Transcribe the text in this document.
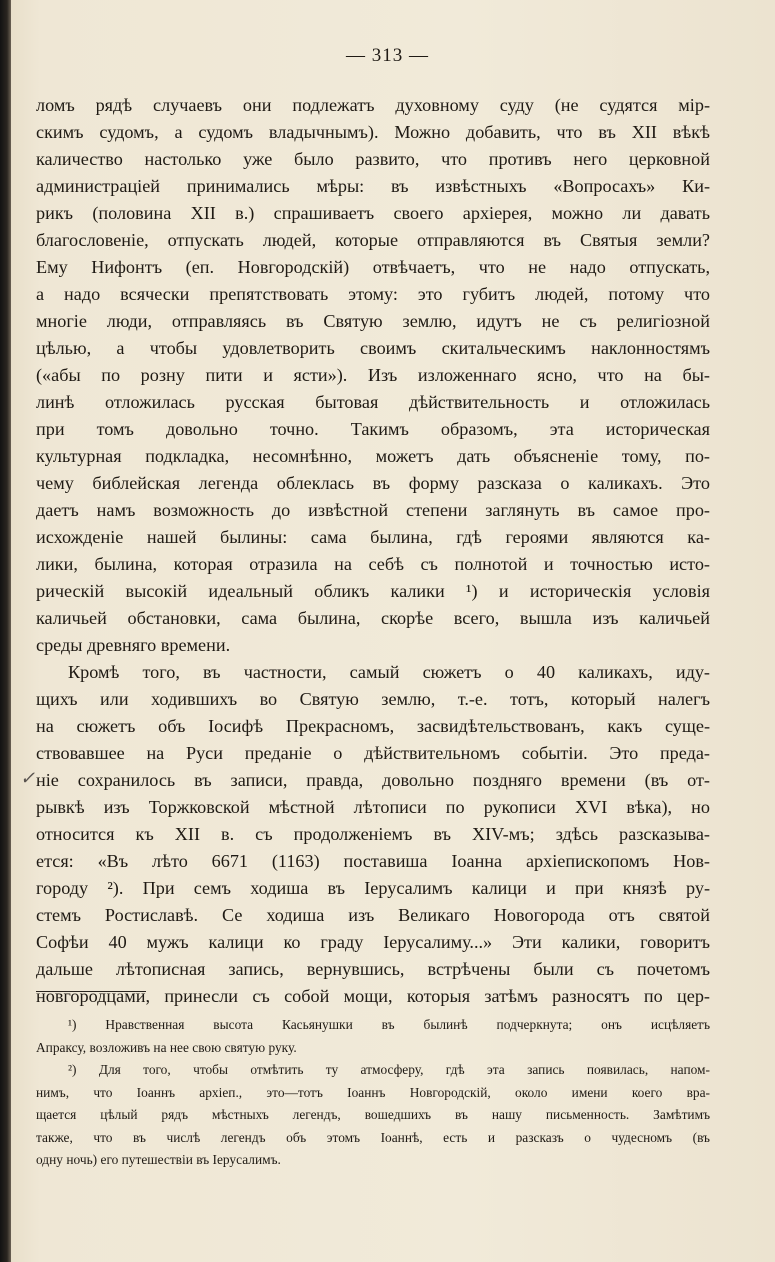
— 313 —
ломъ рядѣ случаевъ они подлежатъ духовному суду (не судятся мір-
скимъ судомъ, а судомъ владычнымъ). Можно добавить, что въ XII вѣкѣ
каличество настолько уже было развито, что противъ него церковной
администраціей принимались мѣры: въ извѣстныхъ «Вопросахъ» Ки-
рикъ (половина XII в.) спрашиваетъ своего архіерея, можно ли давать
благословеніе, отпускать людей, которые отправляются въ Святыя земли?
Ему Нифонтъ (еп. Новгородскій) отвѣчаетъ, что не надо отпускать,
а надо всячески препятствовать этому: это губитъ людей, потому что
многіе люди, отправляясь въ Святую землю, идутъ не съ религіозной
цѣлью, а чтобы удовлетворить своимъ скитальческимъ наклонностямъ
(«абы по розну пити и ясти»). Изъ изложеннаго ясно, что на бы-
линѣ отложилась русская бытовая дѣйствительность и отложилась
при томъ довольно точно. Такимъ образомъ, эта историческая
культурная подкладка, несомнѣнно, можетъ дать объясненіе тому, по-
чему библейская легенда облеклась въ форму разсказа о каликахъ. Это
даетъ намъ возможность до извѣстной степени заглянуть въ самое про-
исхожденіе нашей былины: сама былина, гдѣ героями являются ка-
лики, былина, которая отразила на себѣ съ полнотой и точностью исто-
рическій высокій идеальный обликъ калики ¹) и историческія условія
каличьей обстановки, сама былина, скорѣе всего, вышла изъ каличьей
среды древняго времени.
Кромѣ того, въ частности, самый сюжетъ о 40 каликахъ, иду-
щихъ или ходившихъ во Святую землю, т.-е. тотъ, который налегъ
на сюжетъ объ Іосифѣ Прекрасномъ, засвидѣтельствованъ, какъ суще-
ствовавшее на Руси преданіе о дѣйствительномъ событіи. Это преда-
ніе сохранилось въ записи, правда, довольно поздняго времени (въ от-
рывкѣ изъ Торжковской мѣстной лѣтописи по рукописи XVI вѣка), но
относится къ XII в. съ продолженіемъ въ XIV-мъ; здѣсь разсказыва-
ется: «Въ лѣто 6671 (1163) поставиша Іоанна архіепископомъ Нов-
городу ²). При семъ ходиша въ Іерусалимъ калици и при князѣ ру-
стемъ Ростиславѣ. Се ходиша изъ Великаго Новогорода отъ святой
Софѣи 40 мужъ калици ко граду Іерусалиму...» Эти калики, говоритъ
дальше лѣтописная запись, вернувшись, встрѣчены были съ почетомъ
новгородцами, принесли съ собой мощи, которыя затѣмъ разносятъ по цер-
✓
¹) Нравственная высота Касьянушки въ былинѣ подчеркнута; онъ исцѣляетъ
Апраксу, возложивъ на нее свою святую руку.
²) Для того, чтобы отмѣтить ту атмосферу, гдѣ эта запись появилась, напом-
нимъ, что Іоаннъ архіеп., это—тотъ Іоаннъ Новгородскій, около имени коего вра-
щается цѣлый рядъ мѣстныхъ легендъ, вошедшихъ въ нашу письменность. Замѣтимъ
также, что въ числѣ легендъ объ этомъ Іоаннѣ, есть и разсказъ о чудесномъ (въ
одну ночь) его путешествіи въ Іерусалимъ.
